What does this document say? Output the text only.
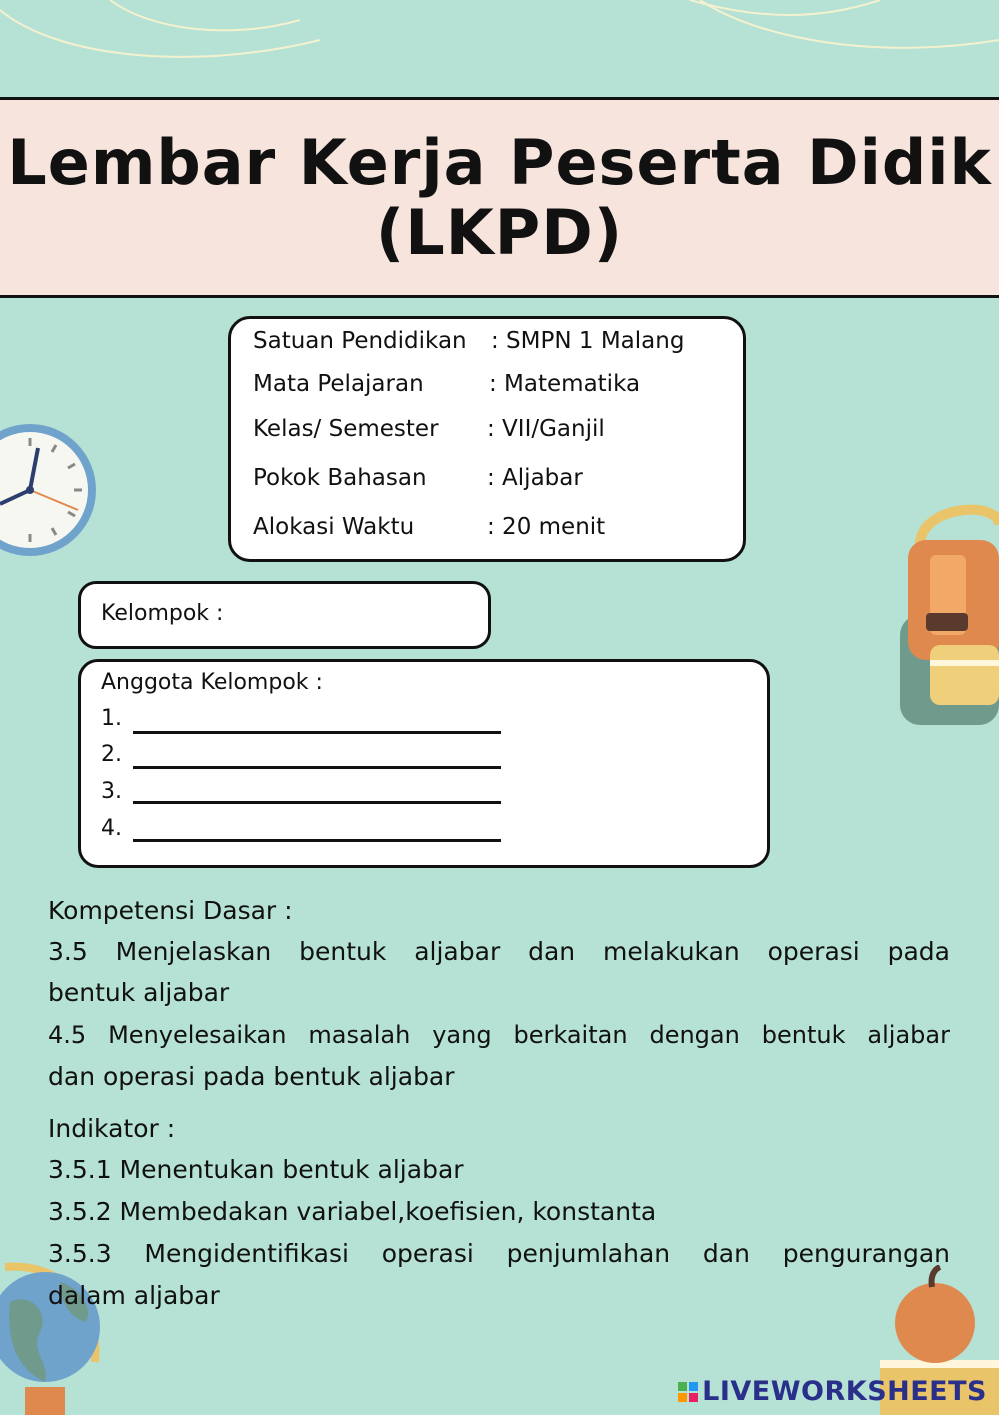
Lembar Kerja Peserta Didik
(LKPD)
Satuan Pendidikan : SMPN 1 Malang
Mata Pelajaran	: Matematika
Kelas/ Semester : VII/Ganjil
Pokok Bahasan	: Aljabar
Alokasi Waktu	: 20 menit
Kelompok :
Anggota Kelompok :
1.
2.
3.
4.
Kompetensi Dasar :
3.5 Menjelaskan bentuk aljabar dan melakukan operasi pada
bentuk aljabar
4.5 Menyelesaikan masalah yang berkaitan dengan bentuk aljabar
dan operasi pada bentuk aljabar
Indikator :
3.5.1 Menentukan bentuk aljabar
3.5.2 Membedakan variabel,koefisien, konstanta
3.5.3 Mengidentifikasi operasi penjumlahan dan pengurangan
dalam aljabar
LIVEWORKSHEETS
